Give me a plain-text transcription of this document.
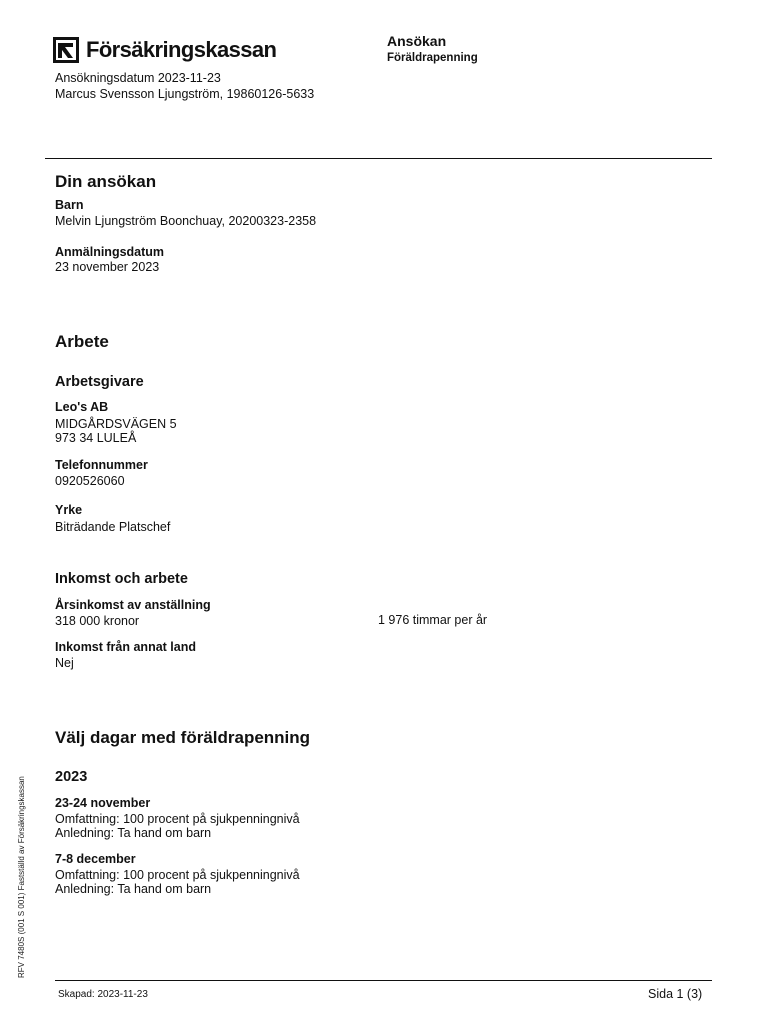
Försäkringskassan	Ansökan
Föräldrapenning
Ansökningsdatum 2023-11-23
Marcus Svensson Ljungström, 19860126-5633
Din ansökan
Barn
Melvin Ljungström Boonchuay, 20200323-2358
Anmälningsdatum
23 november 2023
Arbete
Arbetsgivare
Leo's AB
MIDGÅRDSVÄGEN 5
973 34 LULEÅ
Telefonnummer
0920526060
Yrke
Biträdande Platschef
Inkomst och arbete
Årsinkomst av anställning
318 000 kronor	1 976 timmar per år
Inkomst från annat land
Nej
Välj dagar med föräldrapenning
2023
23-24 november
Omfattning: 100 procent på sjukpenningnivå
Anledning: Ta hand om barn
7-8 december
Omfattning: 100 procent på sjukpenningnivå
Anledning: Ta hand om barn
RFV 7480S (001 S 001) Fastställd av Försäkringskassan
Skapad: 2023-11-23	Sida 1 (3)
